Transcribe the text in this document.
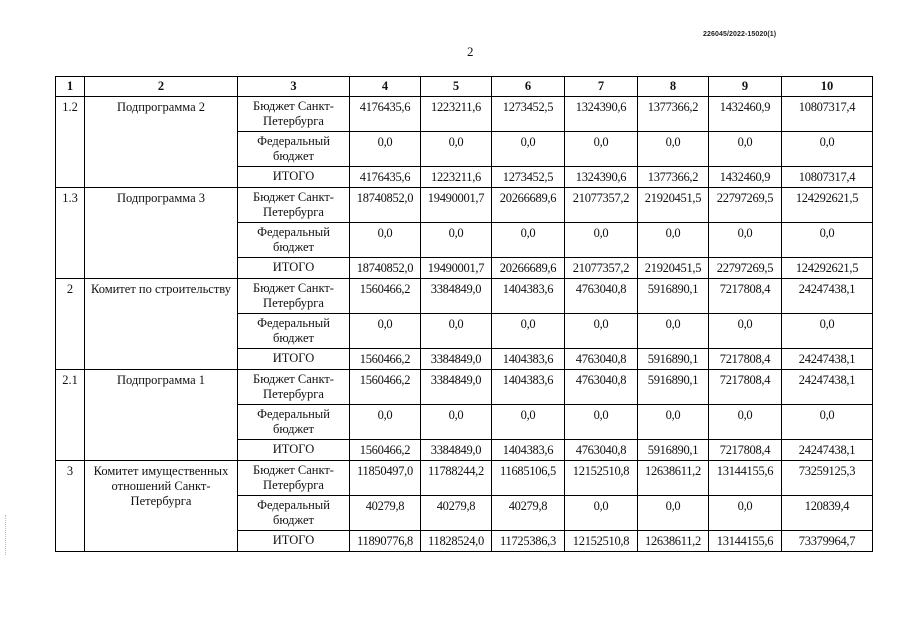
226045/2022-15020(1)
2
1	2	3	4	5	6	7	8	9	10
1.2	Подпрограмма 2	Бюджет Санкт-Петербурга	4176435,6	1223211,6	1273452,5	1324390,6	1377366,2	1432460,9	10807317,4
		Федеральный бюджет	0,0	0,0	0,0	0,0	0,0	0,0	0,0
		ИТОГО	4176435,6	1223211,6	1273452,5	1324390,6	1377366,2	1432460,9	10807317,4
1.3	Подпрограмма 3	Бюджет Санкт-Петербурга	18740852,0	19490001,7	20266689,6	21077357,2	21920451,5	22797269,5	124292621,5
		Федеральный бюджет	0,0	0,0	0,0	0,0	0,0	0,0	0,0
		ИТОГО	18740852,0	19490001,7	20266689,6	21077357,2	21920451,5	22797269,5	124292621,5
2	Комитет по строительству	Бюджет Санкт-Петербурга	1560466,2	3384849,0	1404383,6	4763040,8	5916890,1	7217808,4	24247438,1
		Федеральный бюджет	0,0	0,0	0,0	0,0	0,0	0,0	0,0
		ИТОГО	1560466,2	3384849,0	1404383,6	4763040,8	5916890,1	7217808,4	24247438,1
2.1	Подпрограмма 1	Бюджет Санкт-Петербурга	1560466,2	3384849,0	1404383,6	4763040,8	5916890,1	7217808,4	24247438,1
		Федеральный бюджет	0,0	0,0	0,0	0,0	0,0	0,0	0,0
		ИТОГО	1560466,2	3384849,0	1404383,6	4763040,8	5916890,1	7217808,4	24247438,1
3	Комитет имущественных отношений Санкт-Петербурга	Бюджет Санкт-Петербурга	11850497,0	11788244,2	11685106,5	12152510,8	12638611,2	13144155,6	73259125,3
		Федеральный бюджет	40279,8	40279,8	40279,8	0,0	0,0	0,0	120839,4
		ИТОГО	11890776,8	11828524,0	11725386,3	12152510,8	12638611,2	13144155,6	73379964,7
